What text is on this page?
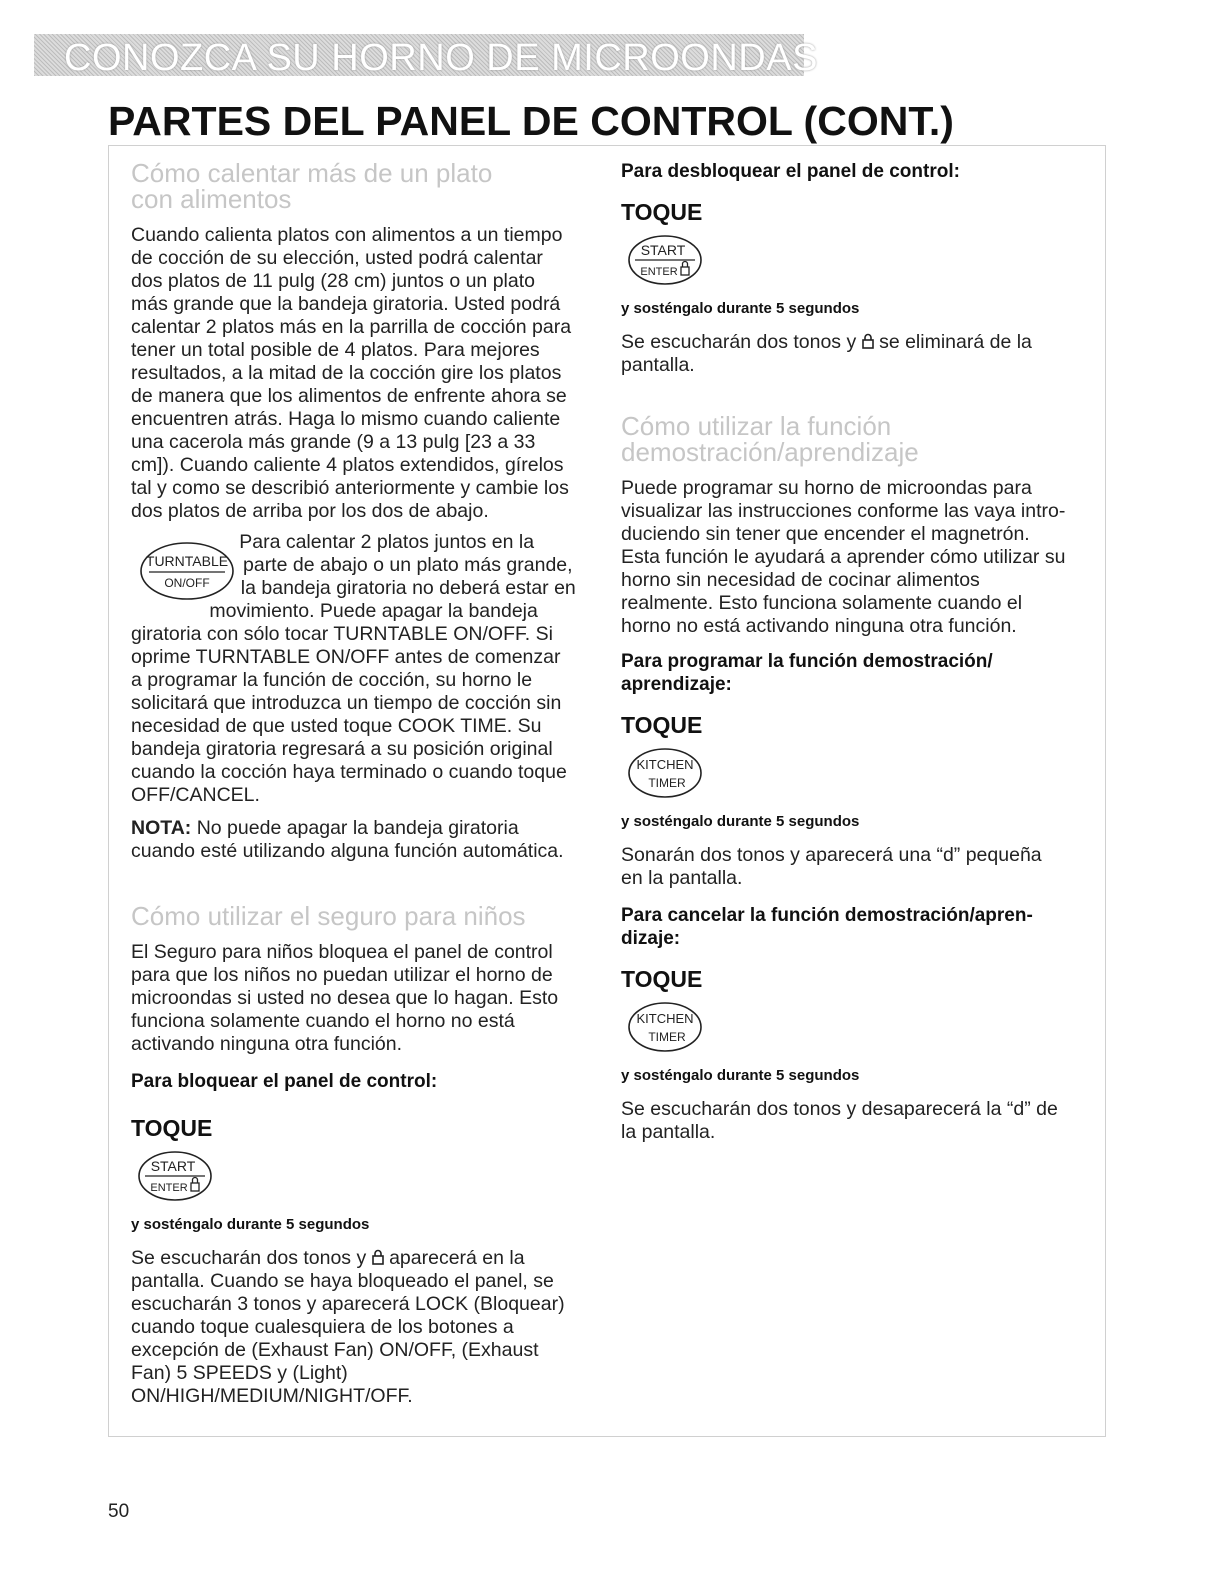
CONOZCA SU HORNO DE MICROONDAS
PARTES DEL PANEL DE CONTROL (CONT.)
Cómo calentar más de un plato
con alimentos

Cuando calienta platos con alimentos a un tiempo de cocción de su elección, usted podrá calentar dos platos de 11 pulg (28 cm) juntos o un plato más grande que la bandeja giratoria. Usted podrá calentar 2 platos más en la parrilla de cocción para tener un total posible de 4 platos. Para mejores resultados, a la mitad de la cocción gire los platos de manera que los alimentos de enfrente ahora se encuentren atrás. Haga lo mismo cuando caliente una cacerola más grande (9 a 13 pulg [23 a 33 cm]). Cuando caliente 4 platos extendidos, gírelos tal y como se describió anteriormente y cambie los dos platos de arriba por los dos de abajo.

TURNTABLE
ON/OFF
Para calentar 2 platos juntos en la parte de abajo o un plato más grande, la bandeja giratoria no deberá estar en movimiento. Puede apagar la bandeja giratoria con sólo tocar TURNTABLE ON/OFF. Si oprime TURNTABLE ON/OFF antes de comenzar a programar la función de cocción, su horno le solicitará que introduzca un tiempo de cocción sin necesidad de que usted toque COOK TIME. Su bandeja giratoria regresará a su posición original cuando la cocción haya terminado o cuando toque OFF/CANCEL.

NOTA: No puede apagar la bandeja giratoria cuando esté utilizando alguna función automática.

Cómo utilizar el seguro para niños

El Seguro para niños bloquea el panel de control para que los niños no puedan utilizar el horno de microondas si usted no desea que lo hagan. Esto funciona solamente cuando el horno no está activando ninguna otra función.

Para bloquear el panel de control:
TOQUE
START
ENTER
y sosténgalo durante 5 segundos

Se escucharán dos tonos y  aparecerá en la pantalla. Cuando se haya bloqueado el panel, se escucharán 3 tonos y aparecerá LOCK (Bloquear) cuando toque cualesquiera de los botones a excepción de (Exhaust Fan) ON/OFF, (Exhaust Fan) 5 SPEEDS y (Light) ON/HIGH/MEDIUM/NIGHT/OFF.

Para desbloquear el panel de control:
TOQUE
START
ENTER
y sosténgalo durante 5 segundos

Se escucharán dos tonos y  se eliminará de la pantalla.

Cómo utilizar la función
demostración/aprendizaje

Puede programar su horno de microondas para visualizar las instrucciones conforme las vaya introduciendo sin tener que encender el magnetrón. Esta función le ayudará a aprender cómo utilizar su horno sin necesidad de cocinar alimentos realmente. Esto funciona solamente cuando el horno no está activando ninguna otra función.

Para programar la función demostración/ aprendizaje:
TOQUE
KITCHEN
TIMER
y sosténgalo durante 5 segundos

Sonarán dos tonos y aparecerá una “d” pequeña en la pantalla.

Para cancelar la función demostración/aprendizaje:
TOQUE
KITCHEN
TIMER
y sosténgalo durante 5 segundos

Se escucharán dos tonos y desaparecerá la “d” de la pantalla.

50
